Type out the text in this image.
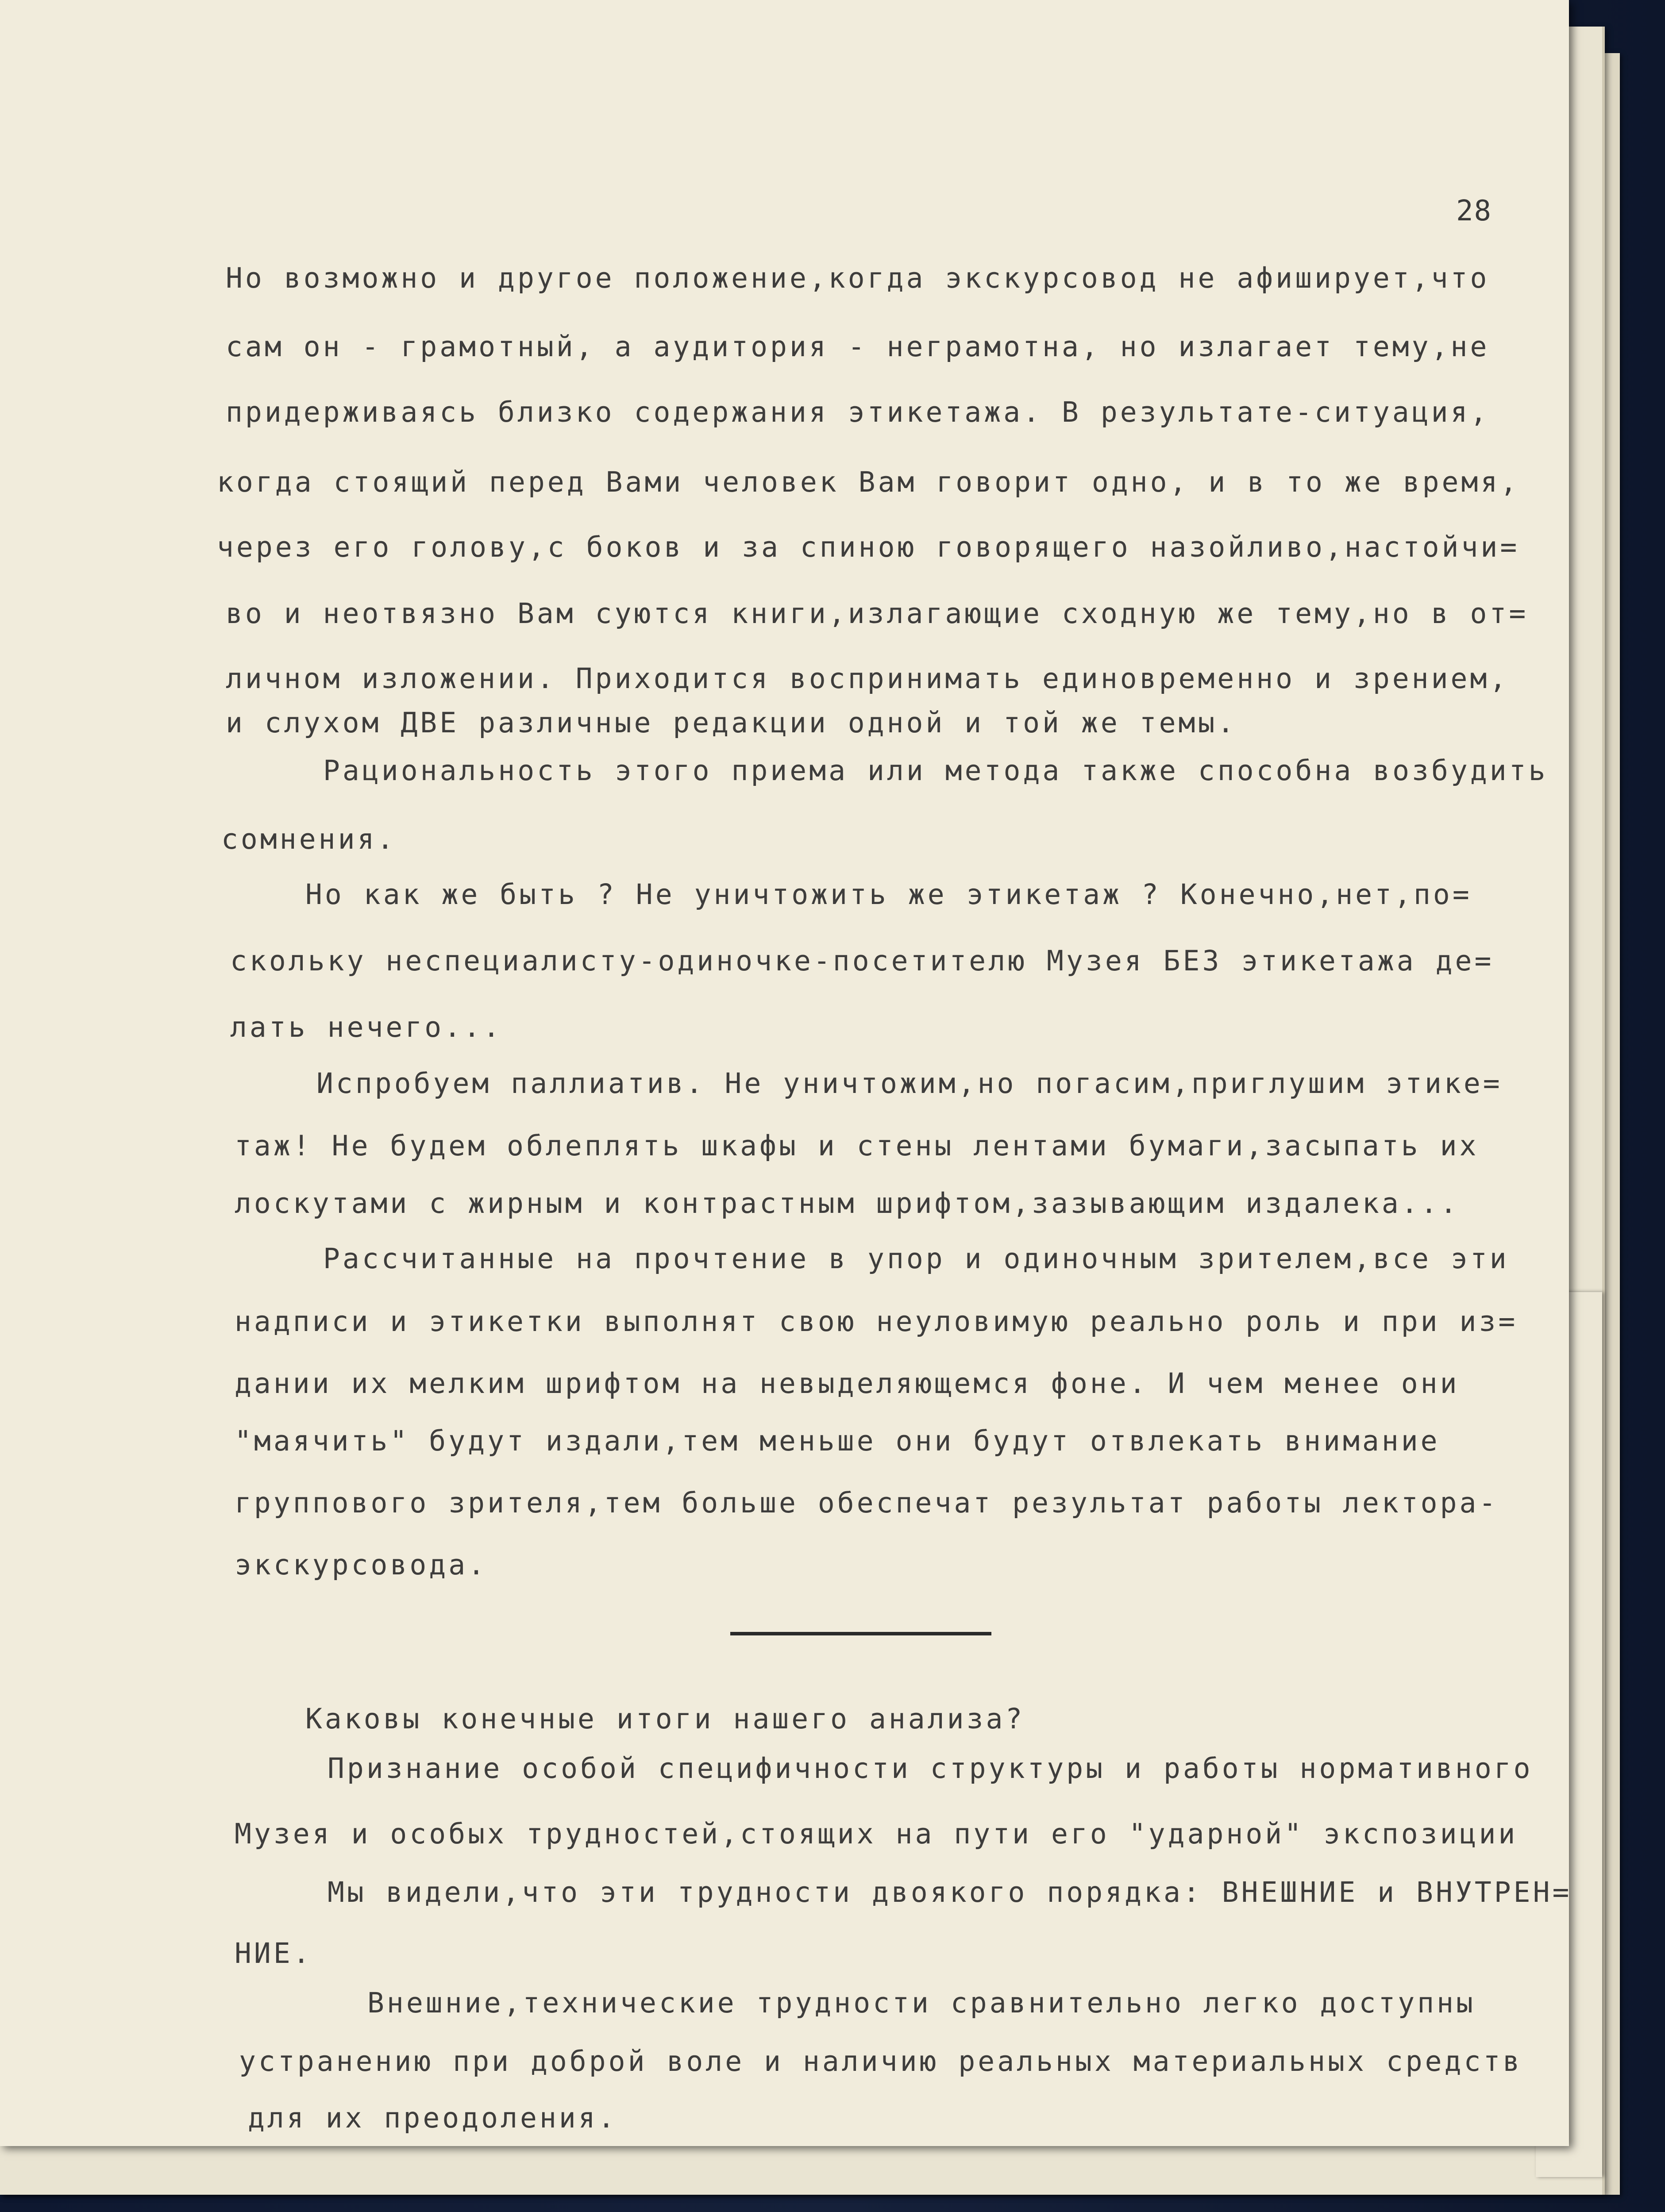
28
Но возможно и другое положение,когда экскурсовод не афиширует,что
сам он - грамотный, а аудитория - неграмотна, но излагает тему,не
придерживаясь близко содержания этикетажа. В результате-ситуация,
когда стоящий перед Вами человек Вам говорит одно, и в то же время,
через его голову,с боков и за спиною говорящего назойливо,настойчи=
во и неотвязно Вам суются книги,излагающие сходную же тему,но в от=
личном изложении. Приходится воспринимать единовременно и зрением,
и слухом ДВЕ различные редакции одной и той же темы.
Рациональность этого приема или метода также способна возбудить
сомнения.
Но как же быть ? Не уничтожить же этикетаж ? Конечно,нет,по=
скольку неспециалисту-одиночке-посетителю Музея БЕЗ этикетажа де=
лать нечего...
Испробуем паллиатив. Не уничтожим,но погасим,приглушим этике=
таж! Не будем облеплять шкафы и стены лентами бумаги,засыпать их
лоскутами с жирным и контрастным шрифтом,зазывающим издалека...
Рассчитанные на прочтение в упор и одиночным зрителем,все эти
надписи и этикетки выполнят свою неуловимую реально роль и при из=
дании их мелким шрифтом на невыделяющемся фоне. И чем менее они
"маячить" будут издали,тем меньше они будут отвлекать внимание
группового зрителя,тем больше обеспечат результат работы лектора-
экскурсовода.
Каковы конечные итоги нашего анализа?
Признание особой специфичности структуры и работы нормативного
Музея и особых трудностей,стоящих на пути его "ударной" экспозиции
Мы видели,что эти трудности двоякого порядка: ВНЕШНИЕ и ВНУТРЕН=
НИЕ.
Внешние,технические трудности сравнительно легко доступны
устранению при доброй воле и наличию реальных материальных средств
для их преодоления.
